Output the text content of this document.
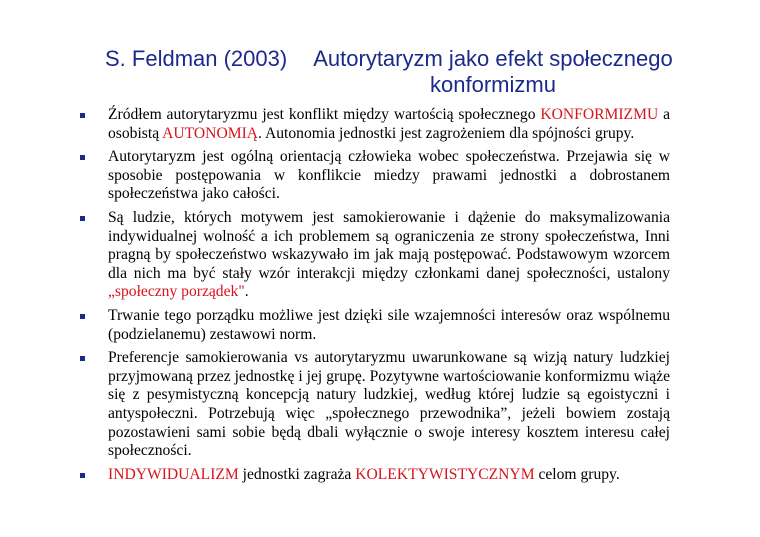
S. Feldman (2003) Autorytaryzm jako efekt społecznego konformizmu
Źródłem autorytaryzmu jest konflikt między wartością społecznego KONFORMIZMU a osobistą AUTONOMIĄ. Autonomia jednostki jest zagrożeniem dla spójności grupy.
Autorytaryzm jest ogólną orientacją człowieka wobec społeczeństwa. Przejawia się w sposobie postępowania w konflikcie miedzy prawami jednostki a dobrostanem społeczeństwa jako całości.
Są ludzie, których motywem jest samokierowanie i dążenie do maksymalizowania indywidualnej wolność a ich problemem są ograniczenia ze strony społeczeństwa, Inni pragną by społeczeństwo wskazywało im jak mają postępować. Podstawowym wzorcem dla nich ma być stały wzór interakcji między członkami danej społeczności, ustalony „społeczny porządek".
Trwanie tego porządku możliwe jest dzięki sile wzajemności interesów oraz wspólnemu (podzielanemu) zestawowi norm.
Preferencje samokierowania vs autorytaryzmu uwarunkowane są wizją natury ludzkiej przyjmowaną przez jednostkę i jej grupę. Pozytywne wartościowanie konformizmu wiąże się z pesymistyczną koncepcją natury ludzkiej, według której ludzie są egoistyczni i antyspołeczni. Potrzebują więc „społecznego przewodnika”, jeżeli bowiem zostają pozostawieni sami sobie będą dbali wyłącznie o swoje interesy kosztem interesu całej społeczności.
INDYWIDUALIZM jednostki zagraża KOLEKTYWISTYCZNYM celom grupy.
